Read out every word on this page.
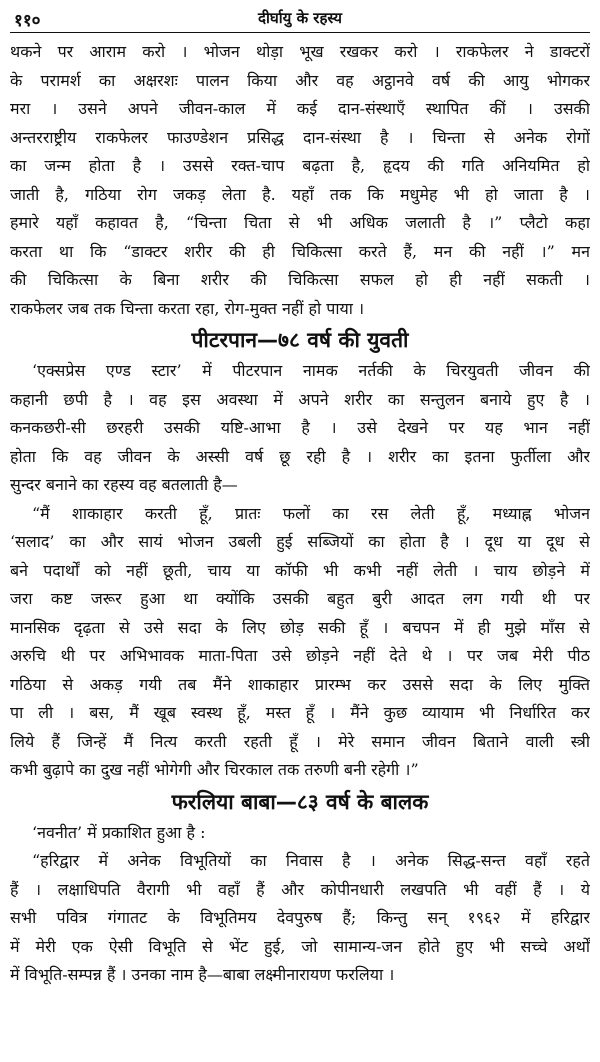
११०	दीर्घायु के रहस्य
थकने पर आराम करो । भोजन थोड़ा भूख रखकर करो । राकफेलर ने डाक्टरों
के परामर्श का अक्षरशः पालन किया और वह अट्ठानवे वर्ष की आयु भोगकर
मरा । उसने अपने जीवन-काल में कई दान-संस्थाएँ स्थापित कीं । उसकी
अन्तरराष्ट्रीय राकफेलर फाउण्डेशन प्रसिद्ध दान-संस्था है । चिन्ता से अनेक रोगों
का जन्म होता है । उससे रक्त-चाप बढ़ता है, हृदय की गति अनियमित हो
जाती है, गठिया रोग जकड़ लेता है. यहाँ तक कि मधुमेह भी हो जाता है ।
हमारे यहाँ कहावत है, “चिन्ता चिता से भी अधिक जलाती है ।” प्लैटो कहा
करता था कि “डाक्टर शरीर की ही चिकित्सा करते हैं, मन की नहीं ।” मन
की चिकित्सा के बिना शरीर की चिकित्सा सफल हो ही नहीं सकती ।
राकफेलर जब तक चिन्ता करता रहा, रोग-मुक्त नहीं हो पाया ।
पीटरपान—७८ वर्ष की युवती
‘एक्सप्रेस एण्ड स्टार’ में पीटरपान नामक नर्तकी के चिरयुवती जीवन की
कहानी छपी है । वह इस अवस्था में अपने शरीर का सन्तुलन बनाये हुए है ।
कनकछरी-सी छरहरी उसकी यष्टि-आभा है । उसे देखने पर यह भान नहीं
होता कि वह जीवन के अस्सी वर्ष छू रही है । शरीर का इतना फुर्तीला और
सुन्दर बनाने का रहस्य वह बतलाती है—
“मैं शाकाहार करती हूँ, प्रातः फलों का रस लेती हूँ, मध्याह्न भोजन
‘सलाद’ का और सायं भोजन उबली हुई सब्जियों का होता है । दूध या दूध से
बने पदार्थों को नहीं छूती, चाय या कॉफी भी कभी नहीं लेती । चाय छोड़ने में
जरा कष्ट जरूर हुआ था क्योंकि उसकी बहुत बुरी आदत लग गयी थी पर
मानसिक दृढ़ता से उसे सदा के लिए छोड़ सकी हूँ । बचपन में ही मुझे माँस से
अरुचि थी पर अभिभावक माता-पिता उसे छोड़ने नहीं देते थे । पर जब मेरी पीठ
गठिया से अकड़ गयी तब मैंने शाकाहार प्रारम्भ कर उससे सदा के लिए मुक्ति
पा ली । बस, मैं खूब स्वस्थ हूँ, मस्त हूँ । मैंने कुछ व्यायाम भी निर्धारित कर
लिये हैं जिन्हें मैं नित्य करती रहती हूँ । मेरे समान जीवन बिताने वाली स्त्री
कभी बुढ़ापे का दुख नहीं भोगेगी और चिरकाल तक तरुणी बनी रहेगी ।”
फरलिया बाबा—८३ वर्ष के बालक
‘नवनीत’ में प्रकाशित हुआ है :
“हरिद्वार में अनेक विभूतियों का निवास है । अनेक सिद्ध-सन्त वहाँ रहते
हैं । लक्षाधिपति वैरागी भी वहाँ हैं और कोपीनधारी लखपति भी वहीं हैं । ये
सभी पवित्र गंगातट के विभूतिमय देवपुरुष हैं; किन्तु सन् १९६२ में हरिद्वार
में मेरी एक ऐसी विभूति से भेंट हुई, जो सामान्य-जन होते हुए भी सच्चे अर्थों
में विभूति-सम्पन्न हैं । उनका नाम है—बाबा लक्ष्मीनारायण फरलिया ।
